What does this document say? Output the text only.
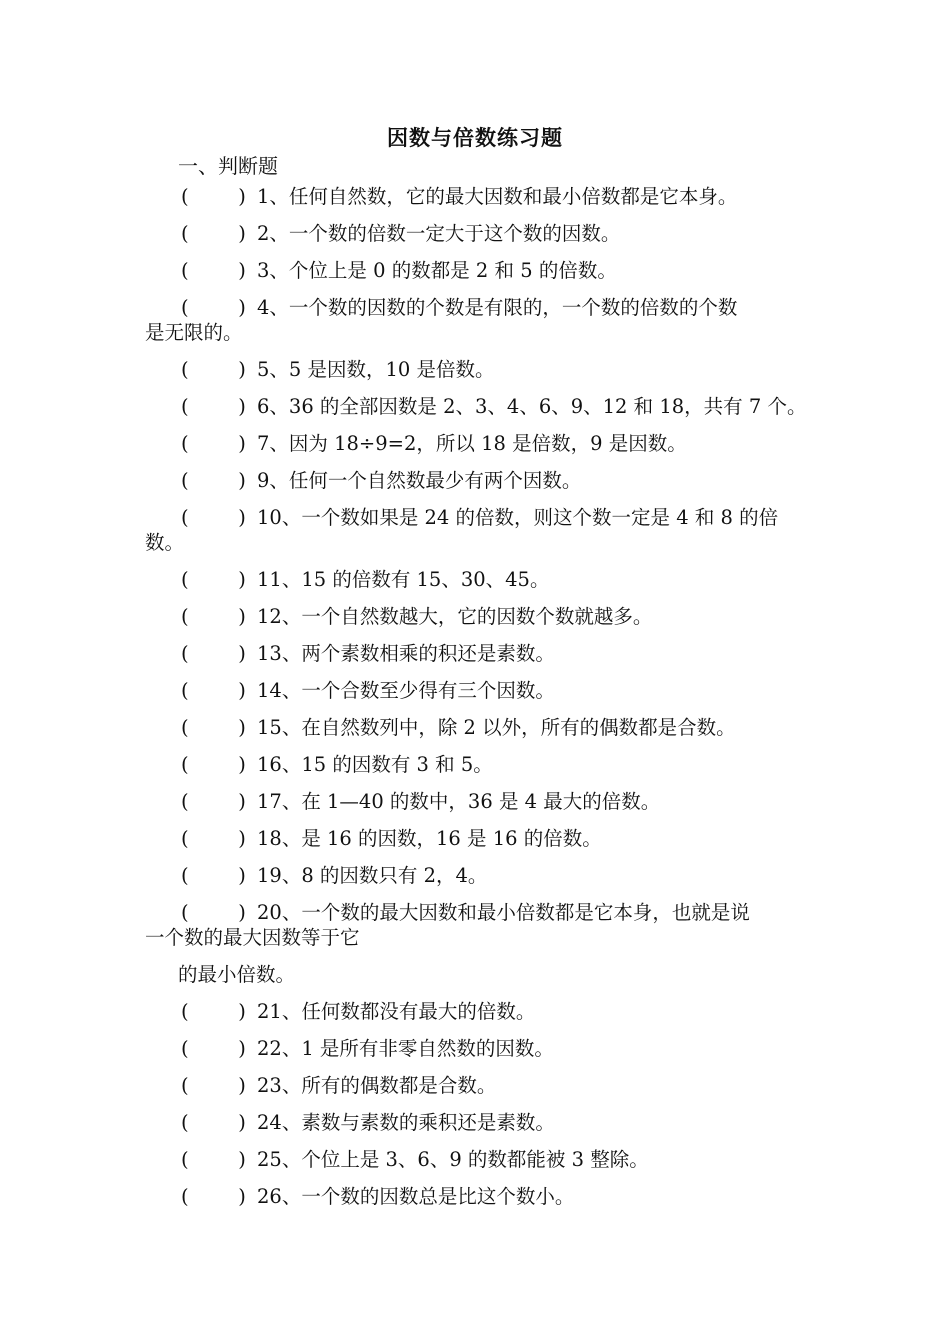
因数与倍数练习题
一、判断题
(        ) 1、任何自然数，它的最大因数和最小倍数都是它本身。
(        ) 2、一个数的倍数一定大于这个数的因数。
(        ) 3、个位上是 0 的数都是 2 和 5 的倍数。
(        ) 4、一个数的因数的个数是有限的，一个数的倍数的个数
是无限的。
(        ) 5、5 是因数，10 是倍数。
(        ) 6、36 的全部因数是 2、3、4、6、9、12 和 18，共有 7 个。
(        ) 7、因为 18÷9=2，所以 18 是倍数，9 是因数。
(        ) 9、任何一个自然数最少有两个因数。
(        ) 10、一个数如果是 24 的倍数，则这个数一定是 4 和 8 的倍
数。
(        ) 11、15 的倍数有 15、30、45。
(        ) 12、一个自然数越大，它的因数个数就越多。
(        ) 13、两个素数相乘的积还是素数。
(        ) 14、一个合数至少得有三个因数。
(        ) 15、在自然数列中，除 2 以外，所有的偶数都是合数。
(        ) 16、15 的因数有 3 和 5。
(        ) 17、在 1—40 的数中，36 是 4 最大的倍数。
(        ) 18、是 16 的因数，16 是 16 的倍数。
(        ) 19、8 的因数只有 2，4。
(        ) 20、一个数的最大因数和最小倍数都是它本身，也就是说
一个数的最大因数等于它
的最小倍数。
(        ) 21、任何数都没有最大的倍数。
(        ) 22、1 是所有非零自然数的因数。
(        ) 23、所有的偶数都是合数。
(        ) 24、素数与素数的乘积还是素数。
(        ) 25、个位上是 3、6、9 的数都能被 3 整除。
(        ) 26、一个数的因数总是比这个数小。
